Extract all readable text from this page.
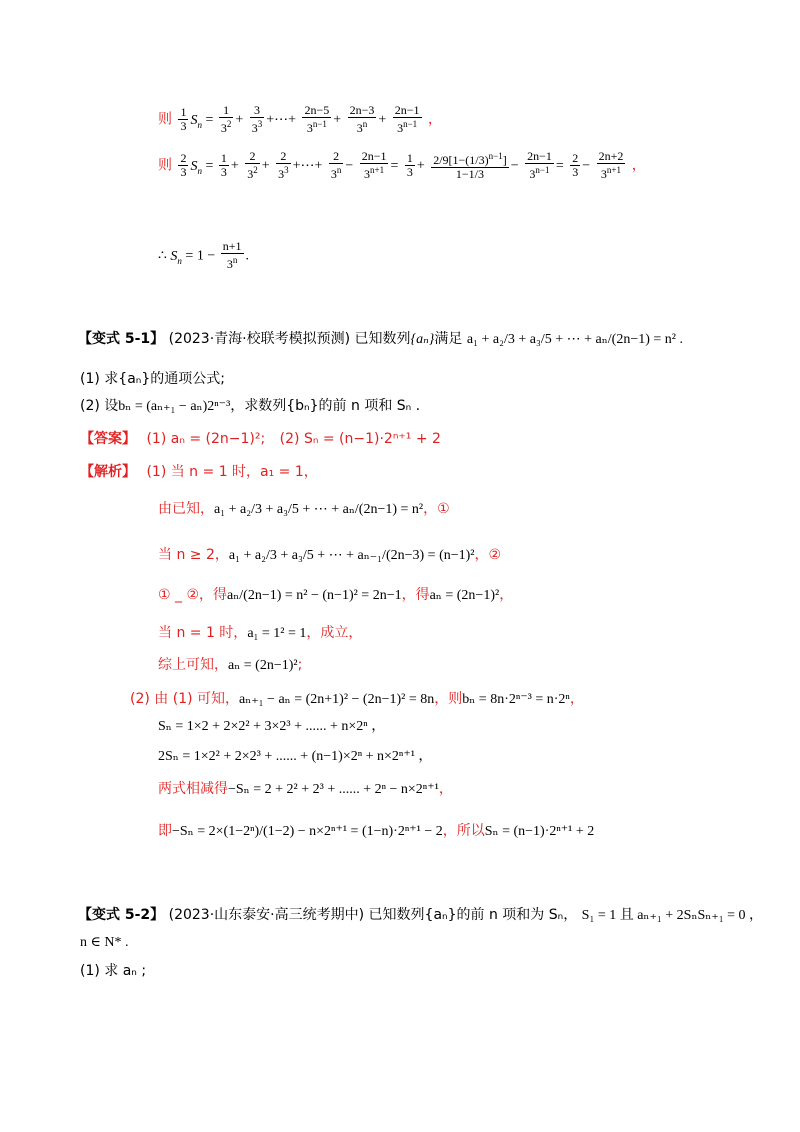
则 $\frac{1}{3} S_n = \frac{1}{3^2} + \frac{3}{3^3}$ +⋯+ $\frac{2n-5}{3^{n-1}} + \frac{2n-3}{3^n} + \frac{2n-1}{3^{n-1}}$ ，
则 $\frac{2}{3} S_n = \frac{1}{3} + \frac{2}{3^2} + \frac{2}{3^3}$ +⋯+ $\frac{2}{3^n} - \frac{2n-1}{3^{n+1}} = \frac{1}{3} + \frac{2/9[1-(1/3)^{n-1}]}{1-1/3} - \frac{2n-1}{3^{n-1}} = \frac{2}{3} - \frac{2n+2}{3^{n+1}}$ ，
∴ $S_n = 1 - \frac{n+1}{3^n}$ .
【变式 5-1】 (2023·青海·校联考模拟预测) 已知数列{aₙ}满足 a₁ + a₂/3 + a₃/5 + ⋯ + aₙ/(2n−1) = n² .
(1) 求{aₙ}的通项公式;
(2) 设bₙ = (aₙ₊₁ − aₙ)2ⁿ⁻³，求数列{bₙ}的前 n 项和 Sₙ .
【答案】 (1) aₙ = (2n−1)²; (2) Sₙ = (n−1)·2ⁿ⁺¹ + 2
【解析】 (1) 当 n = 1 时，a₁ = 1，
由已知，a₁ + a₂/3 + a₃/5 + ⋯ + aₙ/(2n−1) = n²，①
当 n ≥ 2，a₁ + a₂/3 + a₃/5 + ⋯ + aₙ₋₁/(2n−3) = (n−1)²，②
① _ ②，得aₙ/(2n−1) = n² − (n−1)² = 2n−1，得aₙ = (2n−1)²，
当 n = 1 时，a₁ = 1² = 1，成立，
综上可知，aₙ = (2n−1)²;
(2) 由 (1) 可知，aₙ₊₁ − aₙ = (2n+1)² − (2n−1)² = 8n，则bₙ = 8n·2ⁿ⁻³ = n·2ⁿ，
Sₙ = 1×2 + 2×2² + 3×2³ + ...... + n×2ⁿ ，
2Sₙ = 1×2² + 2×2³ + ...... + (n−1)×2ⁿ + n×2ⁿ⁺¹ ，
两式相减得−Sₙ = 2 + 2² + 2³ + ...... + 2ⁿ − n×2ⁿ⁺¹，
即−Sₙ = 2×(1−2ⁿ)/(1−2) − n×2ⁿ⁺¹ = (1−n)·2ⁿ⁺¹ − 2，所以Sₙ = (n−1)·2ⁿ⁺¹ + 2
【变式 5-2】 (2023·山东泰安·高三统考期中) 已知数列{aₙ}的前 n 项和为 Sₙ， S₁ = 1 且 aₙ₊₁ + 2SₙSₙ₊₁ = 0 ，
n ∈ N* .
(1) 求 aₙ ;
